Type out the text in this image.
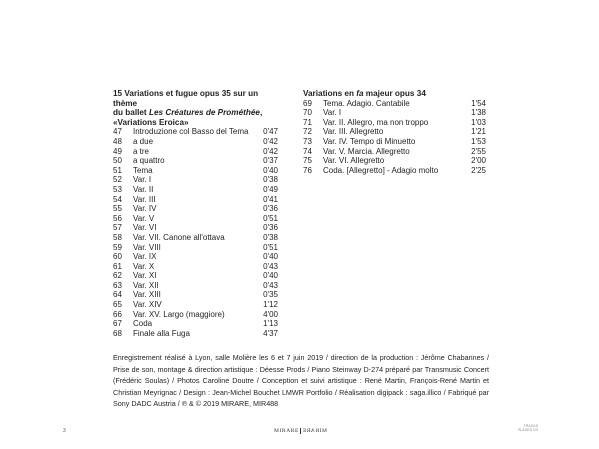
15 Variations et fugue opus 35 sur un thème
du ballet Les Créatures de Prométhée,
«Variations Eroica»

47	Introduzione col Basso del Tema	0'47
48	a due	0'42
49	a tre	0'42
50	a quattro	0'37
51	Tema	0'40
52	Var. I	0'38
53	Var. II	0'49
54	Var. III	0'41
55	Var. IV	0'36
56	Var. V	0'51
57	Var. VI	0'36
58	Var. VII. Canone all'ottava	0'38
59	Var. VIII	0'51
60	Var. IX	0'40
61	Var. X	0'43
62	Var. XI	0'40
63	Var. XII	0'43
64	Var. XIII	0'35
65	Var. XIV	1'12
66	Var. XV. Largo (maggiore)	4'00
67	Coda	1'13
68	Finale alla Fuga	4'37

Variations en fa majeur opus 34

69	Tema. Adagio. Cantabile	1'54
70	Var. I	1'38
71	Var. II. Allegro, ma non troppo	1'03
72	Var. III. Allegretto	1'21
73	Var. IV. Tempo di Minuetto	1'53
74	Var. V. Marcia. Allegretto	2'55
75	Var. VI. Allegretto	2'00
76	Coda. [Allegretto] - Adagio molto	2'25

Enregistrement réalisé à Lyon, salle Molière les 6 et 7 juin 2019 / direction de la production : Jérôme Chabannes / Prise de son, montage & direction artistique : Déesse Prods / Piano Steinway D-274 préparé par Transmusic Concert (Frédéric Soulas) / Photos Caroline Doutre / Conception et suivi artistique : René Martin, François-René Martin et Christian Meyrignac / Design : Jean-Michel Bouchet LMWR Portfolio / Réalisation digipack : saga.illico / Fabriqué par Sony DADC Austria / ℗ & © 2019 MIRARE, MIR488

3	MIRARE MIRARE
TRACKS
PLAGES CD
